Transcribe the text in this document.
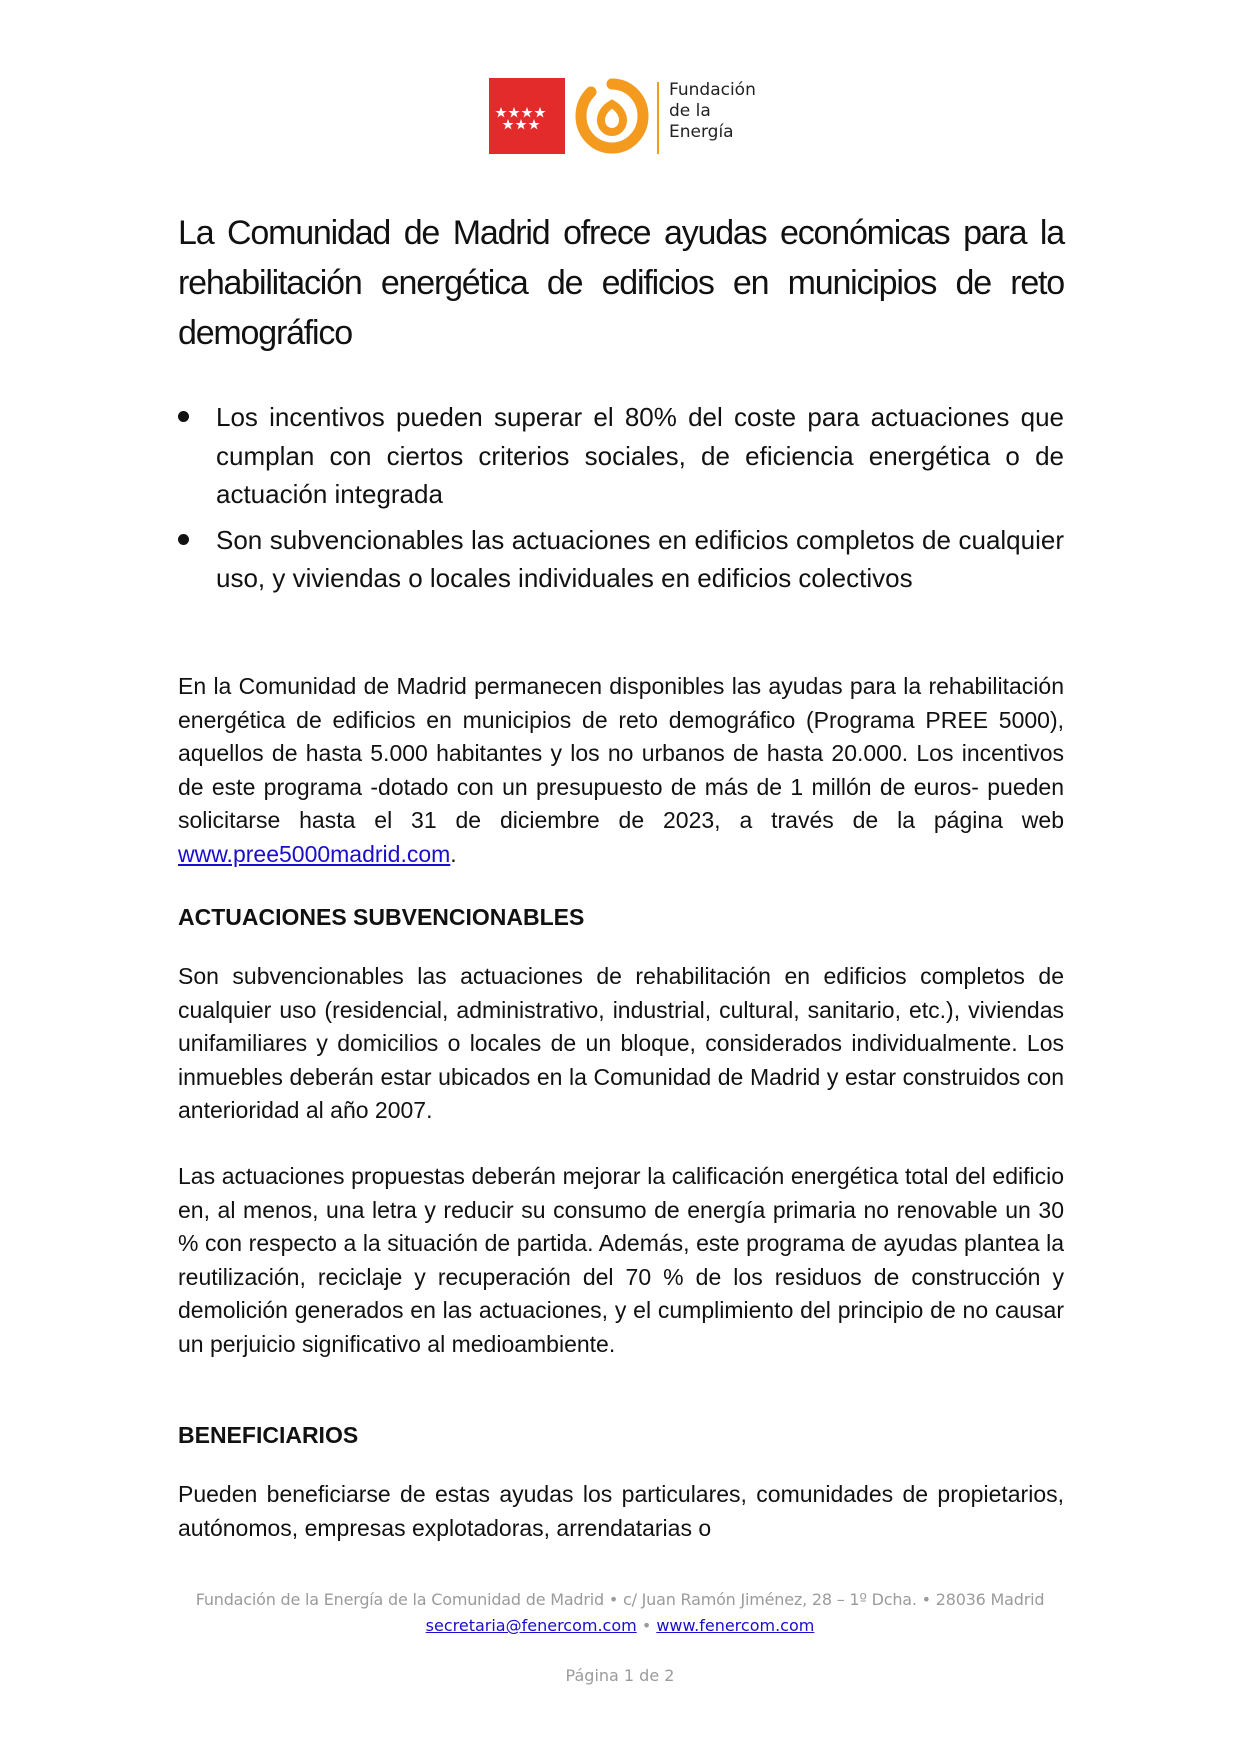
Fundación
de la
Energía
La Comunidad de Madrid ofrece ayudas económicas para la rehabilitación energética de edificios en municipios de reto demográfico
Los incentivos pueden superar el 80% del coste para actuaciones que cumplan con ciertos criterios sociales, de eficiencia energética o de actuación integrada
Son subvencionables las actuaciones en edificios completos de cualquier uso, y viviendas o locales individuales en edificios colectivos

En la Comunidad de Madrid permanecen disponibles las ayudas para la rehabilitación energética de edificios en municipios de reto demográfico (Programa PREE 5000), aquellos de hasta 5.000 habitantes y los no urbanos de hasta 20.000. Los incentivos de este programa -dotado con un presupuesto de más de 1 millón de euros- pueden solicitarse hasta el 31 de diciembre de 2023, a través de la página web www.pree5000madrid.com.

ACTUACIONES SUBVENCIONABLES

Son subvencionables las actuaciones de rehabilitación en edificios completos de cualquier uso (residencial, administrativo, industrial, cultural, sanitario, etc.), viviendas unifamiliares y domicilios o locales de un bloque, considerados individualmente. Los inmuebles deberán estar ubicados en la Comunidad de Madrid y estar construidos con anterioridad al año 2007.

Las actuaciones propuestas deberán mejorar la calificación energética total del edificio en, al menos, una letra y reducir su consumo de energía primaria no renovable un 30 % con respecto a la situación de partida. Además, este programa de ayudas plantea la reutilización, reciclaje y recuperación del 70 % de los residuos de construcción y demolición generados en las actuaciones, y el cumplimiento del principio de no causar un perjuicio significativo al medioambiente.

BENEFICIARIOS

Pueden beneficiarse de estas ayudas los particulares, comunidades de propietarios, autónomos, empresas explotadoras, arrendatarias o

Fundación de la Energía de la Comunidad de Madrid • c/ Juan Ramón Jiménez, 28 – 1º Dcha. • 28036 Madrid
secretaria@fenercom.com • www.fenercom.com
Página 1 de 2
